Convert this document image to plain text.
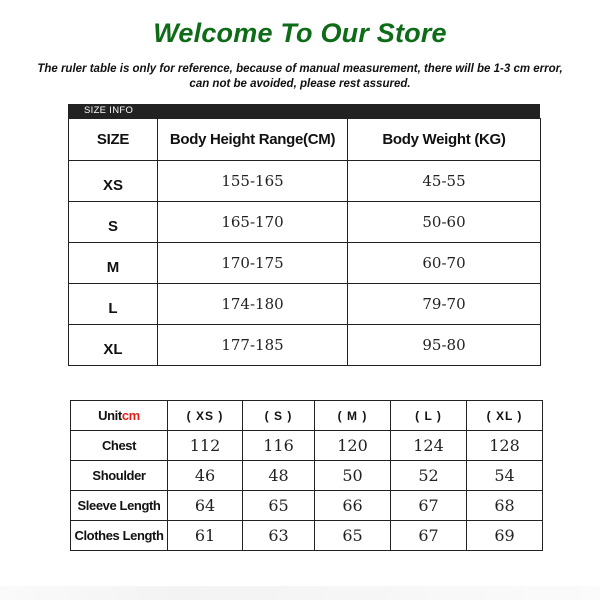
Welcome To Our Store
The ruler table is only for reference, because of manual measurement, there will be 1-3 cm error, can not be avoided, please rest assured.
SIZE INFO
SIZE	Body Height Range(CM)	Body Weight (KG)
XS	155-165	45-55
S	165-170	50-60
M	170-175	60-70
L	174-180	79-70
XL	177-185	95-80
Unitcm	( XS )	( S )	( M )	( L )	( XL )
Chest	112	116	120	124	128
Shoulder	46	48	50	52	54
Sleeve Length	64	65	66	67	68
Clothes Length	61	63	65	67	69
